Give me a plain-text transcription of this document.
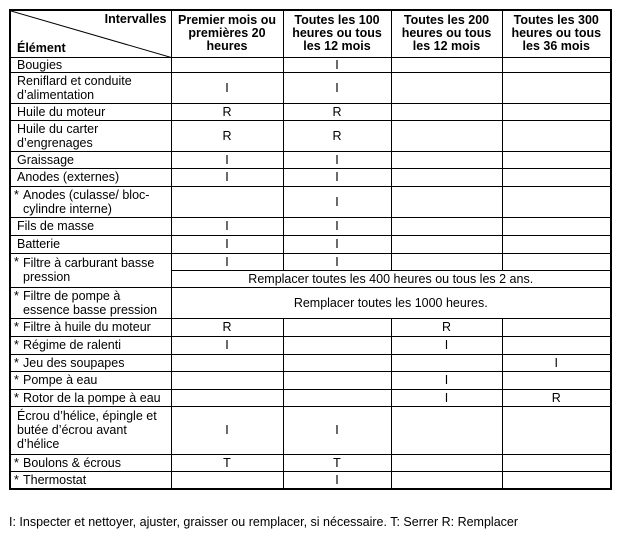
Intervalles
Élément	Premier mois ou premières 20 heures	Toutes les 100 heures ou tous les 12 mois	Toutes les 200 heures ou tous les 12 mois	Toutes les 300 heures ou tous les 36 mois
Bougies		I		
Reniflard et conduite d’alimentation	I	I		
Huile du moteur	R	R		
Huile du carter d’engrenages	R	R		
Graissage	I	I		
Anodes (externes)	I	I		

* Anodes (culasse/ bloc-cylindre interne)		I		
Fils de masse	I	I		
Batterie	I	I		

* Filtre à carburant basse pression	I	I		
	Remplacer toutes les 400 heures ou tous les 2 ans.			

* Filtre de pompe à essence basse pression	Remplacer toutes les 1000 heures.			

* Filtre à huile du moteur	R		R	

* Régime de ralenti	I		I	

* Jeu des soupapes				I

* Pompe à eau			I	

* Rotor de la pompe à eau			I	R
Écrou d’hélice, épingle et butée d’écrou avant d’hélice	I	I		

* Boulons & écrous	T	T		

* Thermostat		I		
I: Inspecter et nettoyer, ajuster, graisser ou remplacer, si nécessaire. T: Serrer R: Remplacer
